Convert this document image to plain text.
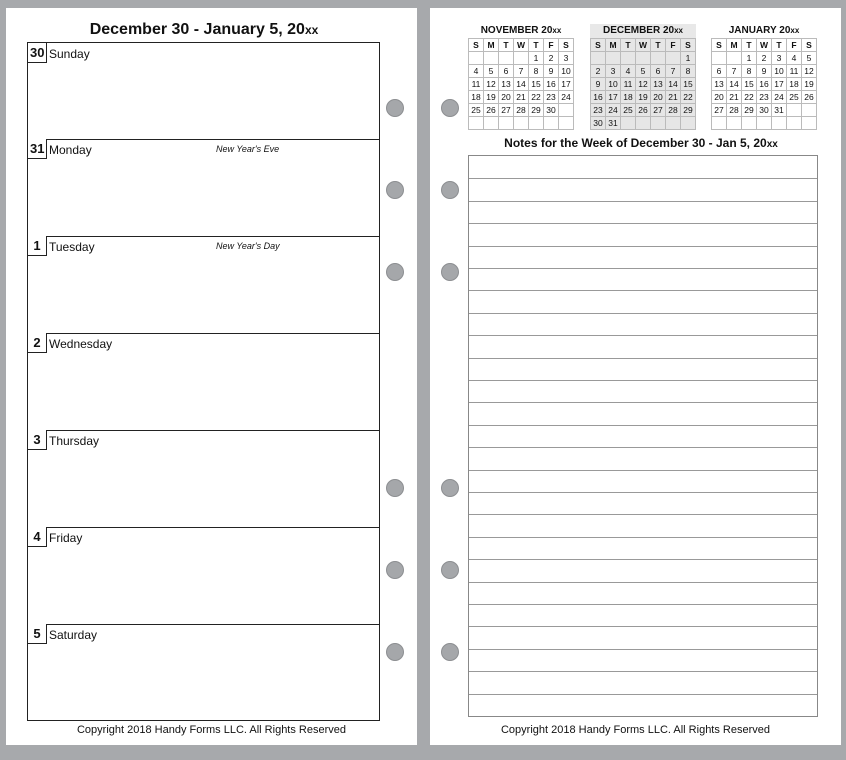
December 30 - January 5, 20xx
30 Sunday
31 Monday	New Year's Eve
1 Tuesday	New Year's Day
2 Wednesday
3 Thursday
4 Friday
5 Saturday
Copyright 2018 Handy Forms LLC. All Rights Reserved
NOVEMBER 20xx
S	M	T	W	T	F	S
				1	2	3
4	5	6	7	8	9	10
11	12	13	14	15	16	17
18	19	20	21	22	23	24
25	26	27	28	29	30	

DECEMBER 20xx
S	M	T	W	T	F	S
						1
2	3	4	5	6	7	8
9	10	11	12	13	14	15
16	17	18	19	20	21	22
23	24	25	26	27	28	29
30	31					
JANUARY 20xx
S	M	T	W	T	F	S
		1	2	3	4	5
6	7	8	9	10	11	12
13	14	15	16	17	18	19
20	21	22	23	24	25	26
27	28	29	30	31		

Notes for the Week of December 30 - Jan 5, 20xx
Copyright 2018 Handy Forms LLC. All Rights Reserved
